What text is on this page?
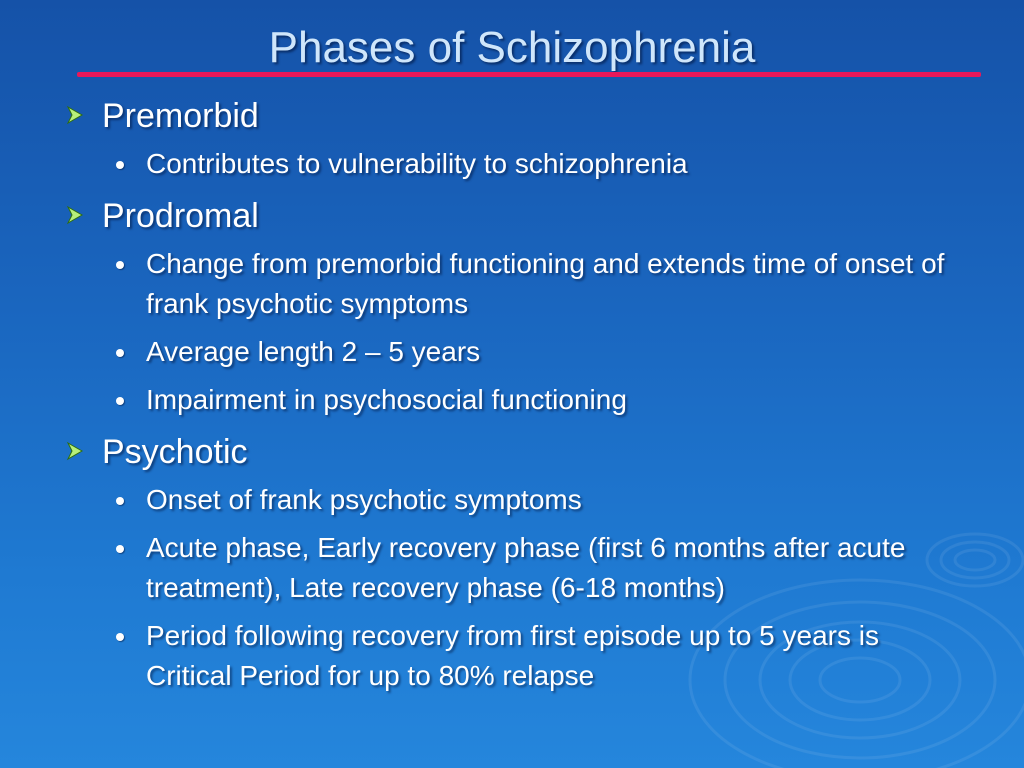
Phases of Schizophrenia
Premorbid
Contributes to vulnerability to schizophrenia
Prodromal
Change from premorbid functioning and extends time of onset of frank psychotic symptoms
Average length 2 – 5 years
Impairment in psychosocial functioning
Psychotic
Onset of frank psychotic symptoms
Acute phase, Early recovery phase (first 6 months after acute treatment), Late recovery phase (6-18 months)
Period following recovery from first episode up to 5 years is Critical Period for up to 80% relapse
